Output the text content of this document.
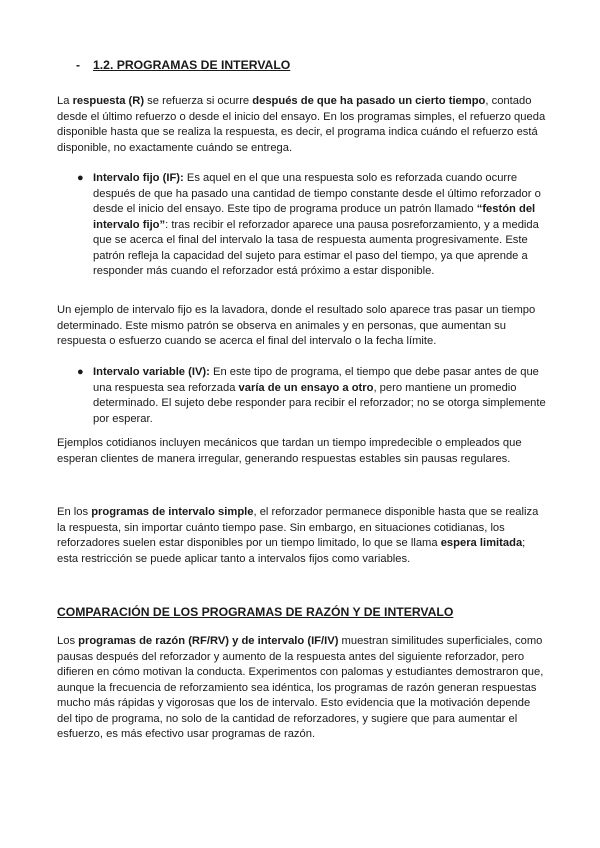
- 1.2. PROGRAMAS DE INTERVALO

La respuesta (R) se refuerza si ocurre después de que ha pasado un cierto tiempo, contado desde el último refuerzo o desde el inicio del ensayo. En los programas simples, el refuerzo queda disponible hasta que se realiza la respuesta, es decir, el programa indica cuándo el refuerzo está disponible, no exactamente cuándo se entrega.

● Intervalo fijo (IF): Es aquel en el que una respuesta solo es reforzada cuando ocurre después de que ha pasado una cantidad de tiempo constante desde el último reforzador o desde el inicio del ensayo. Este tipo de programa produce un patrón llamado “festón del intervalo fijo”: tras recibir el reforzador aparece una pausa posreforzamiento, y a medida que se acerca el final del intervalo la tasa de respuesta aumenta progresivamente. Este patrón refleja la capacidad del sujeto para estimar el paso del tiempo, ya que aprende a responder más cuando el reforzador está próximo a estar disponible.

Un ejemplo de intervalo fijo es la lavadora, donde el resultado solo aparece tras pasar un tiempo determinado. Este mismo patrón se observa en animales y en personas, que aumentan su respuesta o esfuerzo cuando se acerca el final del intervalo o la fecha límite.

● Intervalo variable (IV): En este tipo de programa, el tiempo que debe pasar antes de que una respuesta sea reforzada varía de un ensayo a otro, pero mantiene un promedio determinado. El sujeto debe responder para recibir el reforzador; no se otorga simplemente por esperar.

Ejemplos cotidianos incluyen mecánicos que tardan un tiempo impredecible o empleados que esperan clientes de manera irregular, generando respuestas estables sin pausas regulares.

En los programas de intervalo simple, el reforzador permanece disponible hasta que se realiza la respuesta, sin importar cuánto tiempo pase. Sin embargo, en situaciones cotidianas, los reforzadores suelen estar disponibles por un tiempo limitado, lo que se llama espera limitada; esta restricción se puede aplicar tanto a intervalos fijos como variables.

COMPARACIÓN DE LOS PROGRAMAS DE RAZÓN Y DE INTERVALO

Los programas de razón (RF/RV) y de intervalo (IF/IV) muestran similitudes superficiales, como pausas después del reforzador y aumento de la respuesta antes del siguiente reforzador, pero difieren en cómo motivan la conducta. Experimentos con palomas y estudiantes demostraron que, aunque la frecuencia de reforzamiento sea idéntica, los programas de razón generan respuestas mucho más rápidas y vigorosas que los de intervalo. Esto evidencia que la motivación depende del tipo de programa, no solo de la cantidad de reforzadores, y sugiere que para aumentar el esfuerzo, es más efectivo usar programas de razón.
